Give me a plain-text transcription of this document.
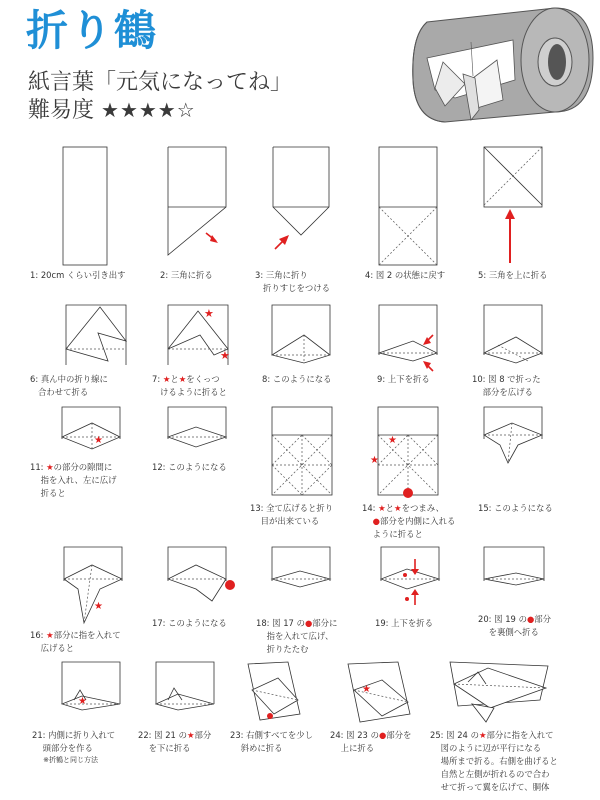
折り鶴
紙言葉「元気になってね」
難易度 ★★★★☆
1: 20cm くらい引き出す	2: 三角に折る	3: 三角に折り
折りすじをつける
4: 図 2 の状態に戻す	5: 三角を上に折る
6: 真ん中の折り線に
合わせて折る
★
★
7: ★と★をくっつ
けるように折ると
8: このようになる	9: 上下を折る	10: 図 8 で折った
部分を広げる
★
11: ★の部分の隙間に
指を入れ、左に広げ
折ると
12: このようになる
13: 全て広げると折り
目が出来ている
★
★
14: ★と★をつまみ、
●部分を内側に入れる
ように折ると
15: このようになる
★
16: ★部分に指を入れて
広げると
17: このようになる	18: 図 17 の●部分に
指を入れて広げ、
折りたたむ
19: 上下を折る	20: 図 19 の●部分
を裏側へ折る
★
21: 内側に折り入れて
頭部分を作る
※折鶴と同じ方法
22: 図 21 の★部分
を下に折る
23: 右側すべてを少し
斜めに折る
★
24: 図 23 の●部分を
上に折る
25: 図 24 の★部分に指を入れて
図のように辺が平行になる
場所まで折る。右側を曲げると
自然と左側が折れるので合わ
せて折って翼を広げて、胴体
